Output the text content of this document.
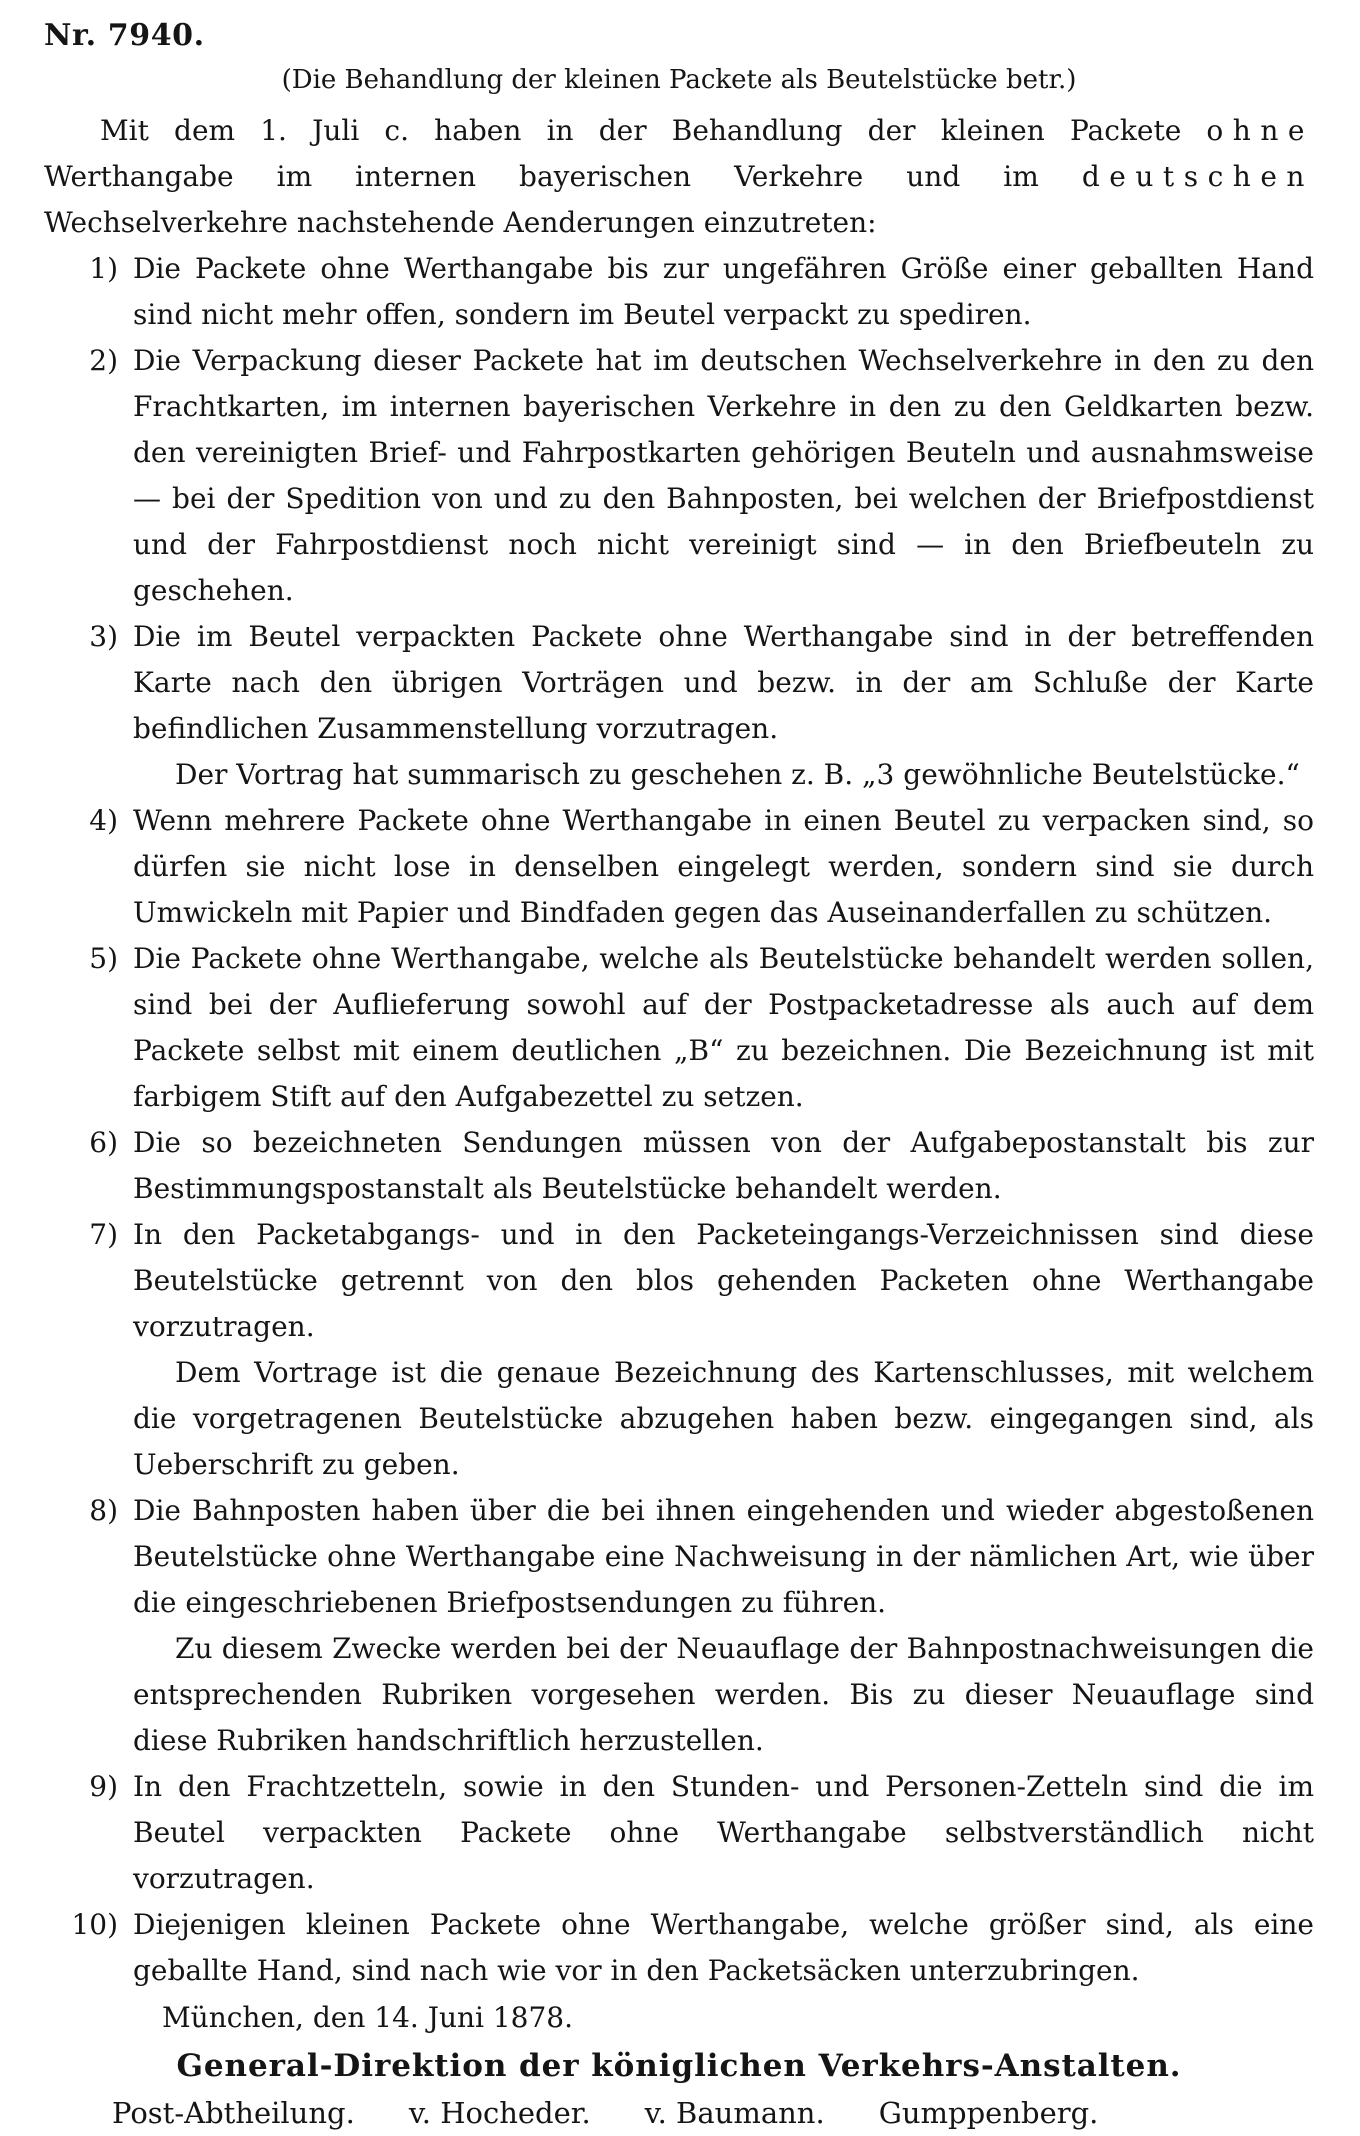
Nr. 7940.
(Die Behandlung der kleinen Packete als Beutelstücke betr.)

Mit dem 1. Juli c. haben in der Behandlung der kleinen Packete ohne Werthangabe im internen bayerischen Verkehre und im deutschen Wechselverkehre nachstehende Aenderungen einzutreten:

1) Die Packete ohne Werthangabe bis zur ungefähren Größe einer geballten Hand sind nicht mehr offen, sondern im Beutel verpackt zu spediren.

2) Die Verpackung dieser Packete hat im deutschen Wechselverkehre in den zu den Frachtkarten, im internen bayerischen Verkehre in den zu den Geldkarten bezw. den vereinigten Brief- und Fahrpostkarten gehörigen Beuteln und ausnahmsweise — bei der Spedition von und zu den Bahnposten, bei welchen der Briefpostdienst und der Fahrpostdienst noch nicht vereinigt sind — in den Briefbeuteln zu geschehen.

3) Die im Beutel verpackten Packete ohne Werthangabe sind in der betreffenden Karte nach den übrigen Vorträgen und bezw. in der am Schluße der Karte befindlichen Zusammenstellung vorzutragen.

Der Vortrag hat summarisch zu geschehen z. B. „3 gewöhnliche Beutelstücke.“

4) Wenn mehrere Packete ohne Werthangabe in einen Beutel zu verpacken sind, so dürfen sie nicht lose in denselben eingelegt werden, sondern sind sie durch Umwickeln mit Papier und Bindfaden gegen das Auseinanderfallen zu schützen.

5) Die Packete ohne Werthangabe, welche als Beutelstücke behandelt werden sollen, sind bei der Auflieferung sowohl auf der Postpacketadresse als auch auf dem Packete selbst mit einem deutlichen „B“ zu bezeichnen. Die Bezeichnung ist mit farbigem Stift auf den Aufgabezettel zu setzen.

6) Die so bezeichneten Sendungen müssen von der Aufgabepostanstalt bis zur Bestimmungspostanstalt als Beutelstücke behandelt werden.

7) In den Packetabgangs- und in den Packeteingangs-Verzeichnissen sind diese Beutelstücke getrennt von den blos gehenden Packeten ohne Werthangabe vorzutragen.

Dem Vortrage ist die genaue Bezeichnung des Kartenschlusses, mit welchem die vorgetragenen Beutelstücke abzugehen haben bezw. eingegangen sind, als Ueberschrift zu geben.

8) Die Bahnposten haben über die bei ihnen eingehenden und wieder abgestoßenen Beutelstücke ohne Werthangabe eine Nachweisung in der nämlichen Art, wie über die eingeschriebenen Briefpostsendungen zu führen.

Zu diesem Zwecke werden bei der Neuauflage der Bahnpostnachweisungen die entsprechenden Rubriken vorgesehen werden. Bis zu dieser Neuauflage sind diese Rubriken handschriftlich herzustellen.

9) In den Frachtzetteln, sowie in den Stunden- und Personen-Zetteln sind die im Beutel verpackten Packete ohne Werthangabe selbstverständlich nicht vorzutragen.

10) Diejenigen kleinen Packete ohne Werthangabe, welche größer sind, als eine geballte Hand, sind nach wie vor in den Packetsäcken unterzubringen.

München, den 14. Juni 1878.
General-Direktion der königlichen Verkehrs-Anstalten.
Post-Abtheilung. v. Hocheder. v. Baumann. Gumppenberg.
